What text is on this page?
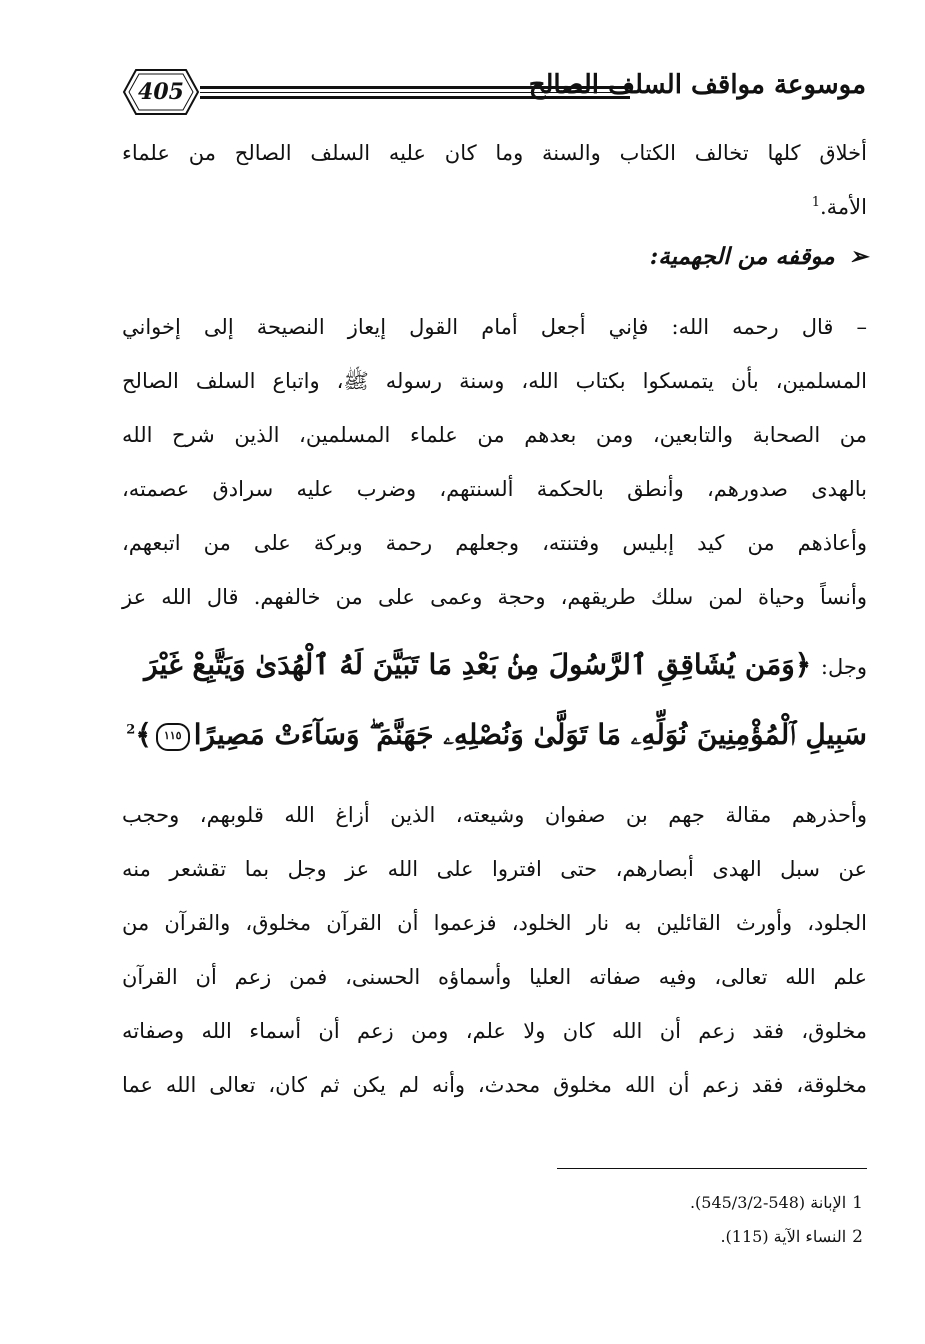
405	موسوعة مواقف السلف الصالح
أخلاق كلها تخالف الكتاب والسنة وما كان عليه السلف الصالح من علماء
الأمة.$^1$
➢موقفه من الجهمية:
– قال رحمه الله: فإني أجعل أمام القول إيعاز النصيحة إلى إخواني
المسلمين، بأن يتمسكوا بكتاب الله، وسنة رسوله ﷺ، واتباع السلف الصالح
من الصحابة والتابعين، ومن بعدهم من علماء المسلمين، الذين شرح الله
بالهدى صدورهم، وأنطق بالحكمة ألسنتهم، وضرب عليه سرادق عصمته،
وأعاذهم من كيد إبليس وفتنته، وجعلهم رحمة وبركة على من اتبعهم،
وأنساً وحياة لمن سلك طريقهم، وحجة وعمى على من خالفهم. قال الله عز
وجل: ﴿وَمَن يُشَاقِقِ ٱلرَّسُولَ مِنۢ بَعْدِ مَا تَبَيَّنَ لَهُ ٱلْهُدَىٰ وَيَتَّبِعْ غَيْرَ
سَبِيلِ ٱلْمُؤْمِنِينَ نُوَلِّهِۦ مَا تَوَلَّىٰ وَنُصْلِهِۦ جَهَنَّمَ ۖ وَسَآءَتْ مَصِيرًا١١٥﴾$^2$
وأحذرهم مقالة جهم بن صفوان وشيعته، الذين أزاغ الله قلوبهم، وحجب
عن سبل الهدى أبصارهم، حتى افتروا على الله عز وجل بما تقشعر منه
الجلود، وأورث القائلين به نار الخلود، فزعموا أن القرآن مخلوق، والقرآن من
علم الله تعالى، وفيه صفاته العليا وأسماؤه الحسنى، فمن زعم أن القرآن
مخلوق، فقد زعم أن الله كان ولا علم، ومن زعم أن أسماء الله وصفاته
مخلوقة، فقد زعم أن الله مخلوق محدث، وأنه لم يكن ثم كان، تعالى الله عما
1الإبانة (548-545/3/2).
2النساء الآية (115).
